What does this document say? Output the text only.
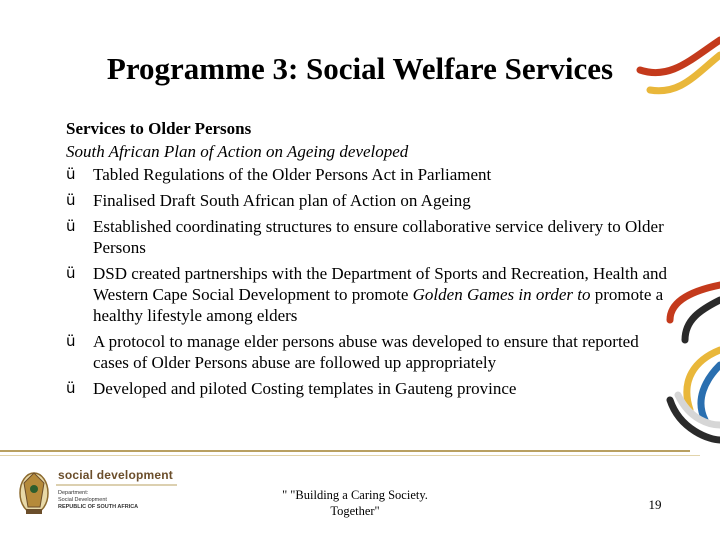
Programme 3: Social Welfare Services
Services to Older Persons
South African Plan of Action on Ageing developed
ü	Tabled Regulations of the Older Persons Act in Parliament
ü	Finalised Draft South African plan of Action on Ageing
ü	Established coordinating structures to ensure collaborative service delivery to Older Persons
ü	DSD created partnerships with the Department of Sports and Recreation, Health and Western Cape Social Development to promote Golden Games in order to promote a healthy lifestyle among elders
ü	A protocol to manage elder persons abuse was developed to ensure that reported cases of Older Persons abuse are followed up appropriately
ü	Developed and piloted Costing templates in Gauteng province
social development
Department:
Social Development
REPUBLIC OF SOUTH AFRICA
" "Building a Caring Society.
Together"	19
